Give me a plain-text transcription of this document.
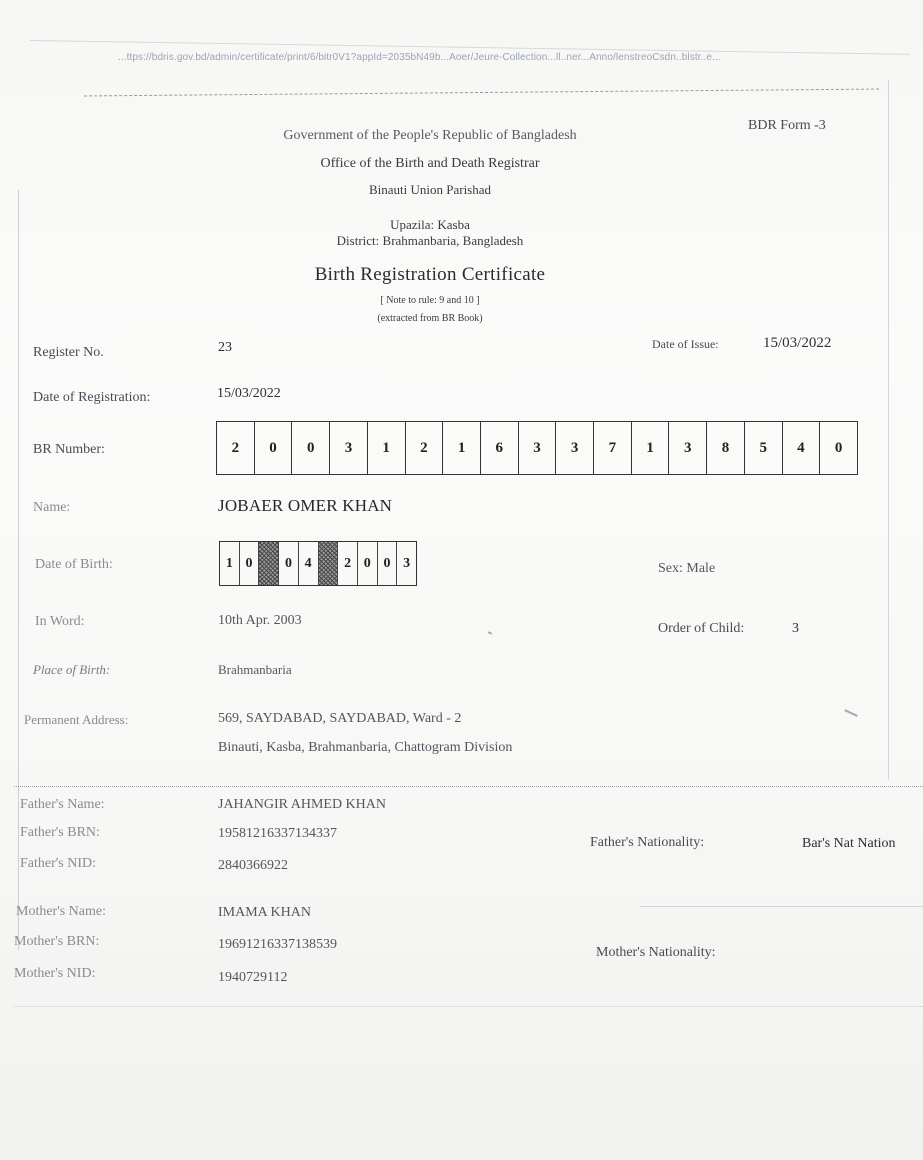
...ttps://bdris.gov.bd/admin/certificate/print/6/bitr0V1?appId=2035bN49b...Aoer/Jeure-Collection...ll..ner...Anno/lenstreoCsdn..blstr..e...
BDR Form -3
Government of the People's Republic of Bangladesh
Office of the Birth and Death Registrar
Binauti Union Parishad
Upazila: Kasba
District: Brahmanbaria, Bangladesh
Birth Registration Certificate
[ Note to rule: 9 and 10 ]
(extracted from BR Book)
Register No.	23	Date of Issue:	15/03/2022
Date of Registration:	15/03/2022
BR Number:	2	0	0	3	1	2	1	6	3	3	7	1	3	8	5	4	0
Name:	JOBAER OMER KHAN
Date of Birth:	1 0	0 4	2 0 0 3	Sex: Male
In Word:	10th Apr. 2003
Order of Child:	3
Place of Birth:	Brahmanbaria
Permanent Address:	569, SAYDABAD, SAYDABAD, Ward - 2
Binauti, Kasba, Brahmanbaria, Chattogram Division
Father's Name:	JAHANGIR AHMED KHAN
Father's BRN:	19581216337134337
Father's NID:	2840366922
Father's Nationality:	Bar's Nat Nation
Mother's Name:	IMAMA KHAN
Mother's BRN:	19691216337138539
Mother's NID:	1940729112
Mother's Nationality:
